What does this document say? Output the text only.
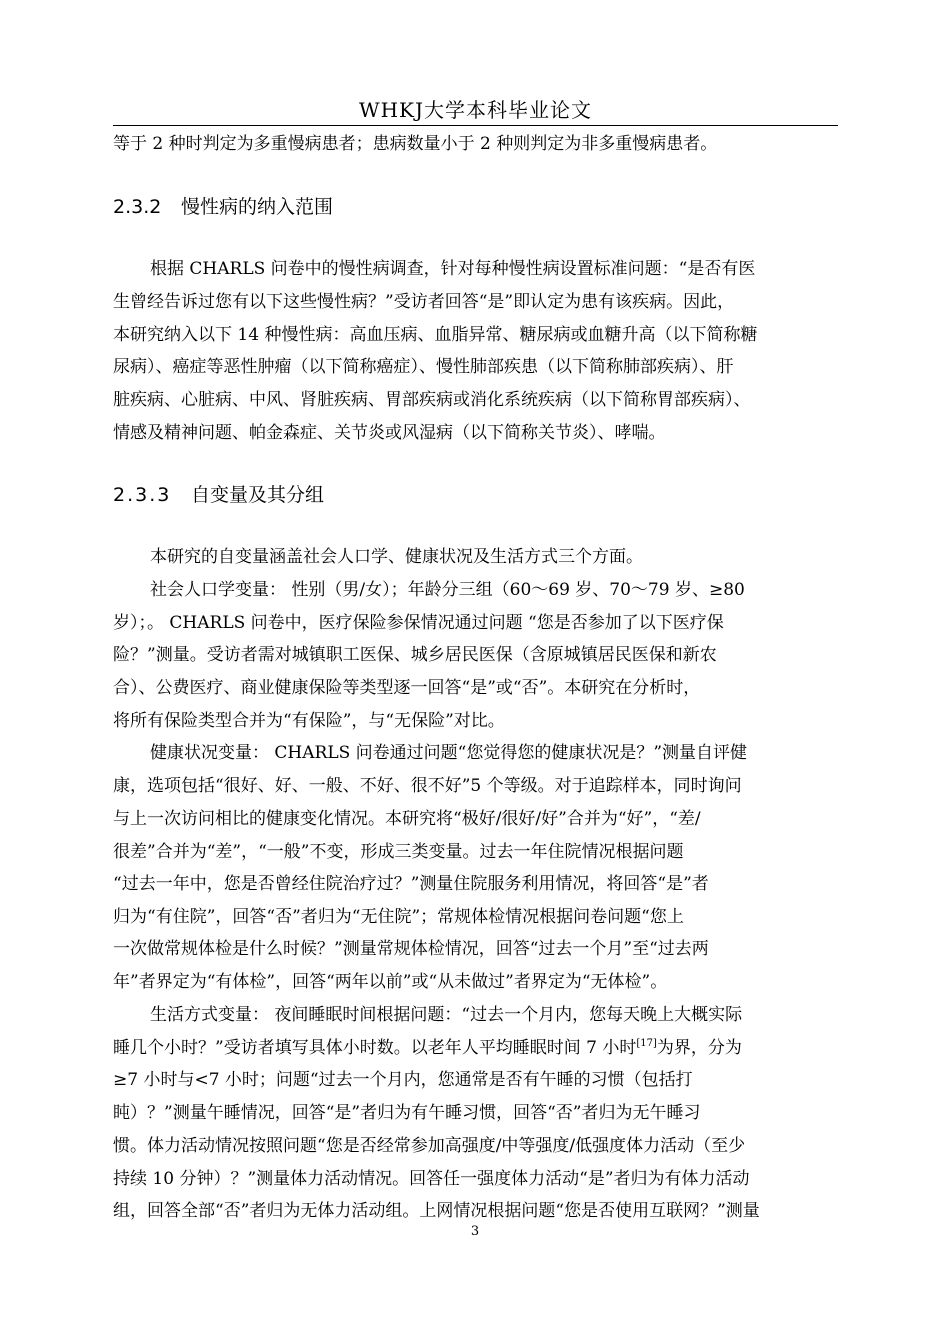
WHKJ大学本科毕业论文
等于 2 种时判定为多重慢病患者；患病数量小于 2 种则判定为非多重慢病患者。
2.3.2 慢性病的纳入范围
根据 CHARLS 问卷中的慢性病调查，针对每种慢性病设置标准问题：“是否有医
生曾经告诉过您有以下这些慢性病？”受访者回答“是”即认定为患有该疾病。因此，
本研究纳入以下 14 种慢性病：高血压病、血脂异常、糖尿病或血糖升高（以下简称糖
尿病）、癌症等恶性肿瘤（以下简称癌症）、慢性肺部疾患（以下简称肺部疾病）、肝
脏疾病、心脏病、中风、肾脏疾病、胃部疾病或消化系统疾病（以下简称胃部疾病）、
情感及精神问题、帕金森症、关节炎或风湿病（以下简称关节炎）、哮喘。
2.3.3 自变量及其分组
本研究的自变量涵盖社会人口学、健康状况及生活方式三个方面。
社会人口学变量： 性别（男/女）；年龄分三组（60～69 岁、70～79 岁、≥80
岁）；。 CHARLS 问卷中，医疗保险参保情况通过问题 “您是否参加了以下医疗保
险？”测量。受访者需对城镇职工医保、城乡居民医保（含原城镇居民医保和新农
合）、公费医疗、商业健康保险等类型逐一回答“是”或“否”。本研究在分析时，
将所有保险类型合并为“有保险”，与“无保险”对比。
健康状况变量： CHARLS 问卷通过问题“您觉得您的健康状况是？”测量自评健
康，选项包括“很好、好、一般、不好、很不好”5 个等级。对于追踪样本，同时询问
与上一次访问相比的健康变化情况。本研究将“极好/很好/好”合并为“好”，“差/
很差”合并为“差”，“一般”不变，形成三类变量。过去一年住院情况根据问题
“过去一年中，您是否曾经住院治疗过？”测量住院服务利用情况，将回答“是”者
归为“有住院”，回答“否”者归为“无住院”；常规体检情况根据问卷问题“您上
一次做常规体检是什么时候？”测量常规体检情况，回答“过去一个月”至“过去两
年”者界定为“有体检”，回答“两年以前”或“从未做过”者界定为“无体检”。
生活方式变量： 夜间睡眠时间根据问题：“过去一个月内，您每天晚上大概实际
睡几个小时？”受访者填写具体小时数。以老年人平均睡眠时间 7 小时[17]为界，分为
≥7 小时与<7 小时；问题“过去一个月内，您通常是否有午睡的习惯（包括打
盹）？”测量午睡情况，回答“是”者归为有午睡习惯，回答“否”者归为无午睡习
惯。体力活动情况按照问题“您是否经常参加高强度/中等强度/低强度体力活动（至少
持续 10 分钟）？”测量体力活动情况。回答任一强度体力活动“是”者归为有体力活动
组，回答全部“否”者归为无体力活动组。上网情况根据问题“您是否使用互联网？”测量
3
